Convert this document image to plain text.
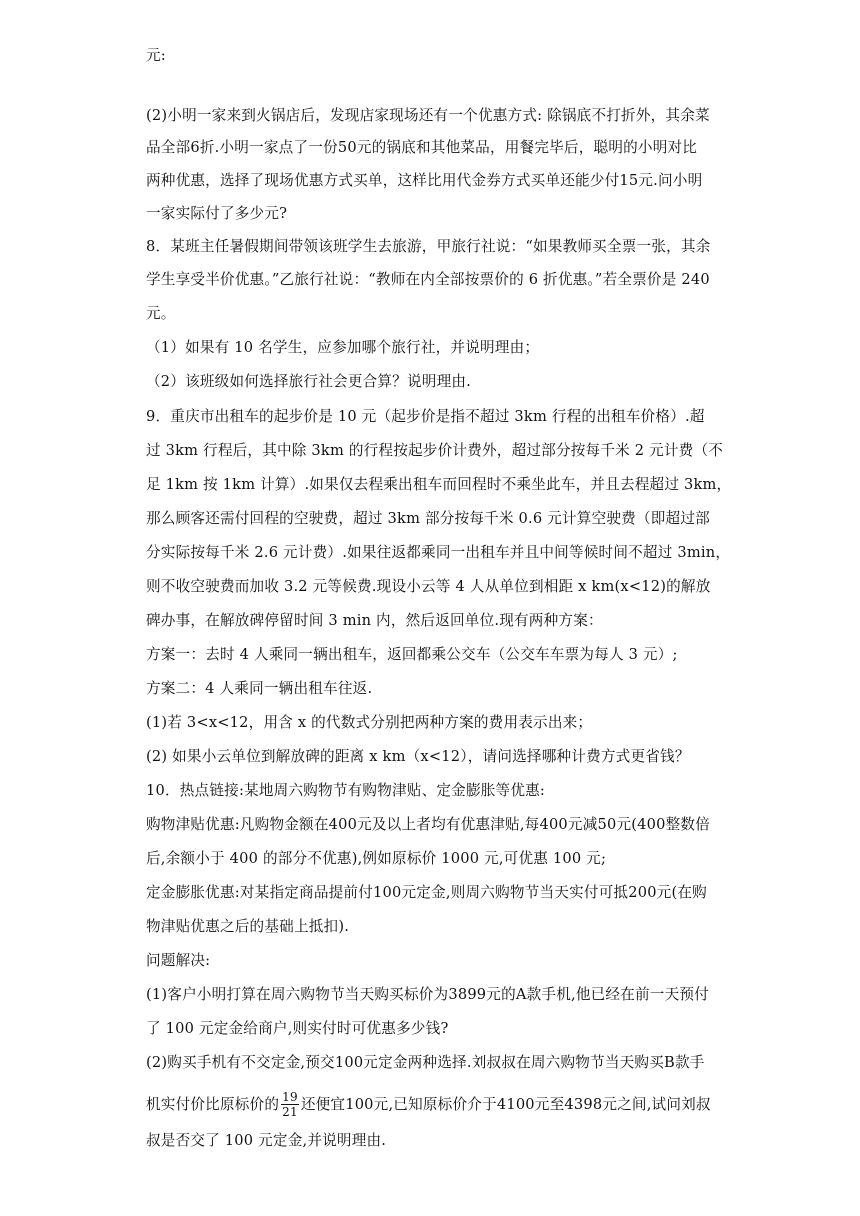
元:
(2)小明一家来到火锅店后，发现店家现场还有一个优惠方式: 除锅底不打折外，其余菜
品全部6折.小明一家点了一份50元的锅底和其他菜品，用餐完毕后，聪明的小明对比
两种优惠，选择了现场优惠方式买单，这样比用代金券方式买单还能少付15元.问小明
一家实际付了多少元?
8．某班主任暑假期间带领该班学生去旅游，甲旅行社说：“如果教师买全票一张，其余
学生享受半价优惠。”乙旅行社说：“教师在内全部按票价的 6 折优惠。”若全票价是 240
元。
（1）如果有 10 名学生，应参加哪个旅行社，并说明理由；
（2）该班级如何选择旅行社会更合算？说明理由.
9．重庆市出租车的起步价是 10 元（起步价是指不超过 3km 行程的出租车价格）.超
过 3km 行程后，其中除 3km 的行程按起步价计费外，超过部分按每千米 2 元计费（不
足 1km 按 1km 计算）.如果仅去程乘出租车而回程时不乘坐此车，并且去程超过 3km，
那么顾客还需付回程的空驶费，超过 3km 部分按每千米 0.6 元计算空驶费（即超过部
分实际按每千米 2.6 元计费）.如果往返都乘同一出租车并且中间等候时间不超过 3min，
则不收空驶费而加收 3.2 元等候费.现设小云等 4 人从单位到相距 x km(x<12)的解放
碑办事，在解放碑停留时间 3 min 内，然后返回单位.现有两种方案：
方案一：去时 4 人乘同一辆出租车，返回都乘公交车（公交车车票为每人 3 元）;
方案二：4 人乘同一辆出租车往返.
(1)若 3<x<12，用含 x 的代数式分别把两种方案的费用表示出来；
(2) 如果小云单位到解放碑的距离 x km（x<12），请问选择哪种计费方式更省钱？
10．热点链接:某地周六购物节有购物津贴、定金膨胀等优惠:
购物津贴优惠:凡购物金额在400元及以上者均有优惠津贴,每400元减50元(400整数倍
后,余额小于 400 的部分不优惠),例如原标价 1000 元,可优惠 100 元;
定金膨胀优惠:对某指定商品提前付100元定金,则周六购物节当天实付可抵200元(在购
物津贴优惠之后的基础上抵扣).
问题解决:
(1)客户小明打算在周六购物节当天购买标价为3899元的A款手机,他已经在前一天预付
了 100 元定金给商户,则实付时可优惠多少钱?
(2)购买手机有不交定金,预交100元定金两种选择.刘叔叔在周六购物节当天购买B款手
机实付价比原标价的 $\frac{19}{21}$ 还便宜100元,已知原标价介于4100元至4398元之间,试问刘叔
叔是否交了 100 元定金,并说明理由.
